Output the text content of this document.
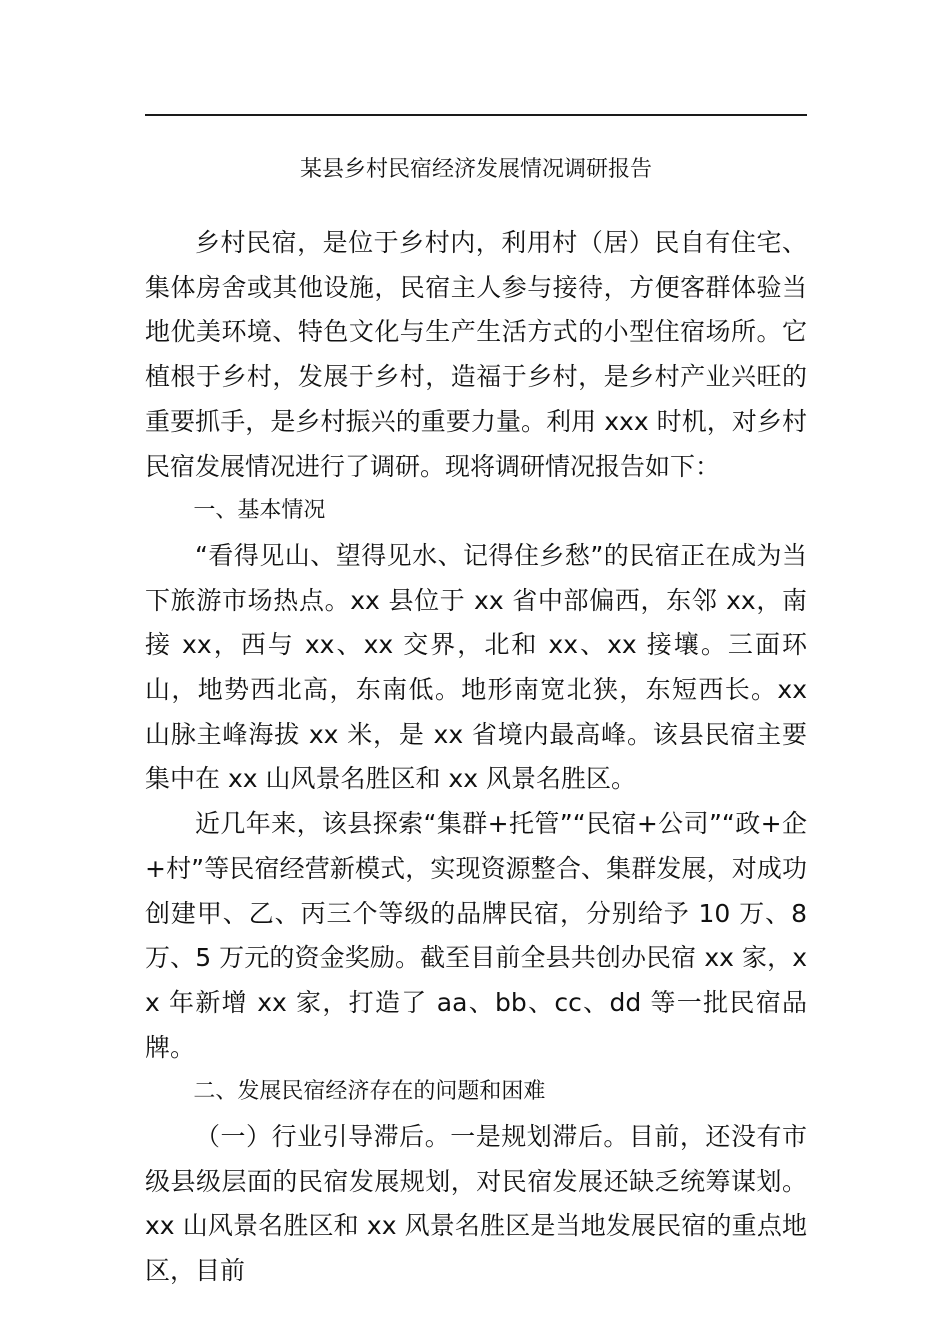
某县乡村民宿经济发展情况调研报告

乡村民宿，是位于乡村内，利用村（居）民自有住宅、集体房舍或其他设施，民宿主人参与接待，方便客群体验当地优美环境、特色文化与生产生活方式的小型住宿场所。它植根于乡村，发展于乡村，造福于乡村，是乡村产业兴旺的重要抓手，是乡村振兴的重要力量。利用 xxx 时机，对乡村民宿发展情况进行了调研。现将调研情况报告如下：

一、基本情况

“看得见山、望得见水、记得住乡愁”的民宿正在成为当下旅游市场热点。xx 县位于 xx 省中部偏西，东邻 xx，南接 xx，西与 xx、xx 交界，北和 xx、xx 接壤。三面环山，地势西北高，东南低。地形南宽北狭，东短西长。xx 山脉主峰海拔 xx 米，是 xx 省境内最高峰。该县民宿主要集中在 xx 山风景名胜区和 xx 风景名胜区。

近几年来，该县探索“集群+托管”“民宿+公司”“政+企+村”等民宿经营新模式，实现资源整合、集群发展，对成功创建甲、乙、丙三个等级的品牌民宿，分别给予 10 万、8 万、5 万元的资金奖励。截至目前全县共创办民宿 xx 家，xx 年新增 xx 家，打造了 aa、bb、cc、dd 等一批民宿品牌。

二、发展民宿经济存在的问题和困难

（一）行业引导滞后。一是规划滞后。目前，还没有市级县级层面的民宿发展规划，对民宿发展还缺乏统筹谋划。xx 山风景名胜区和 xx 风景名胜区是当地发展民宿的重点地区，目前
